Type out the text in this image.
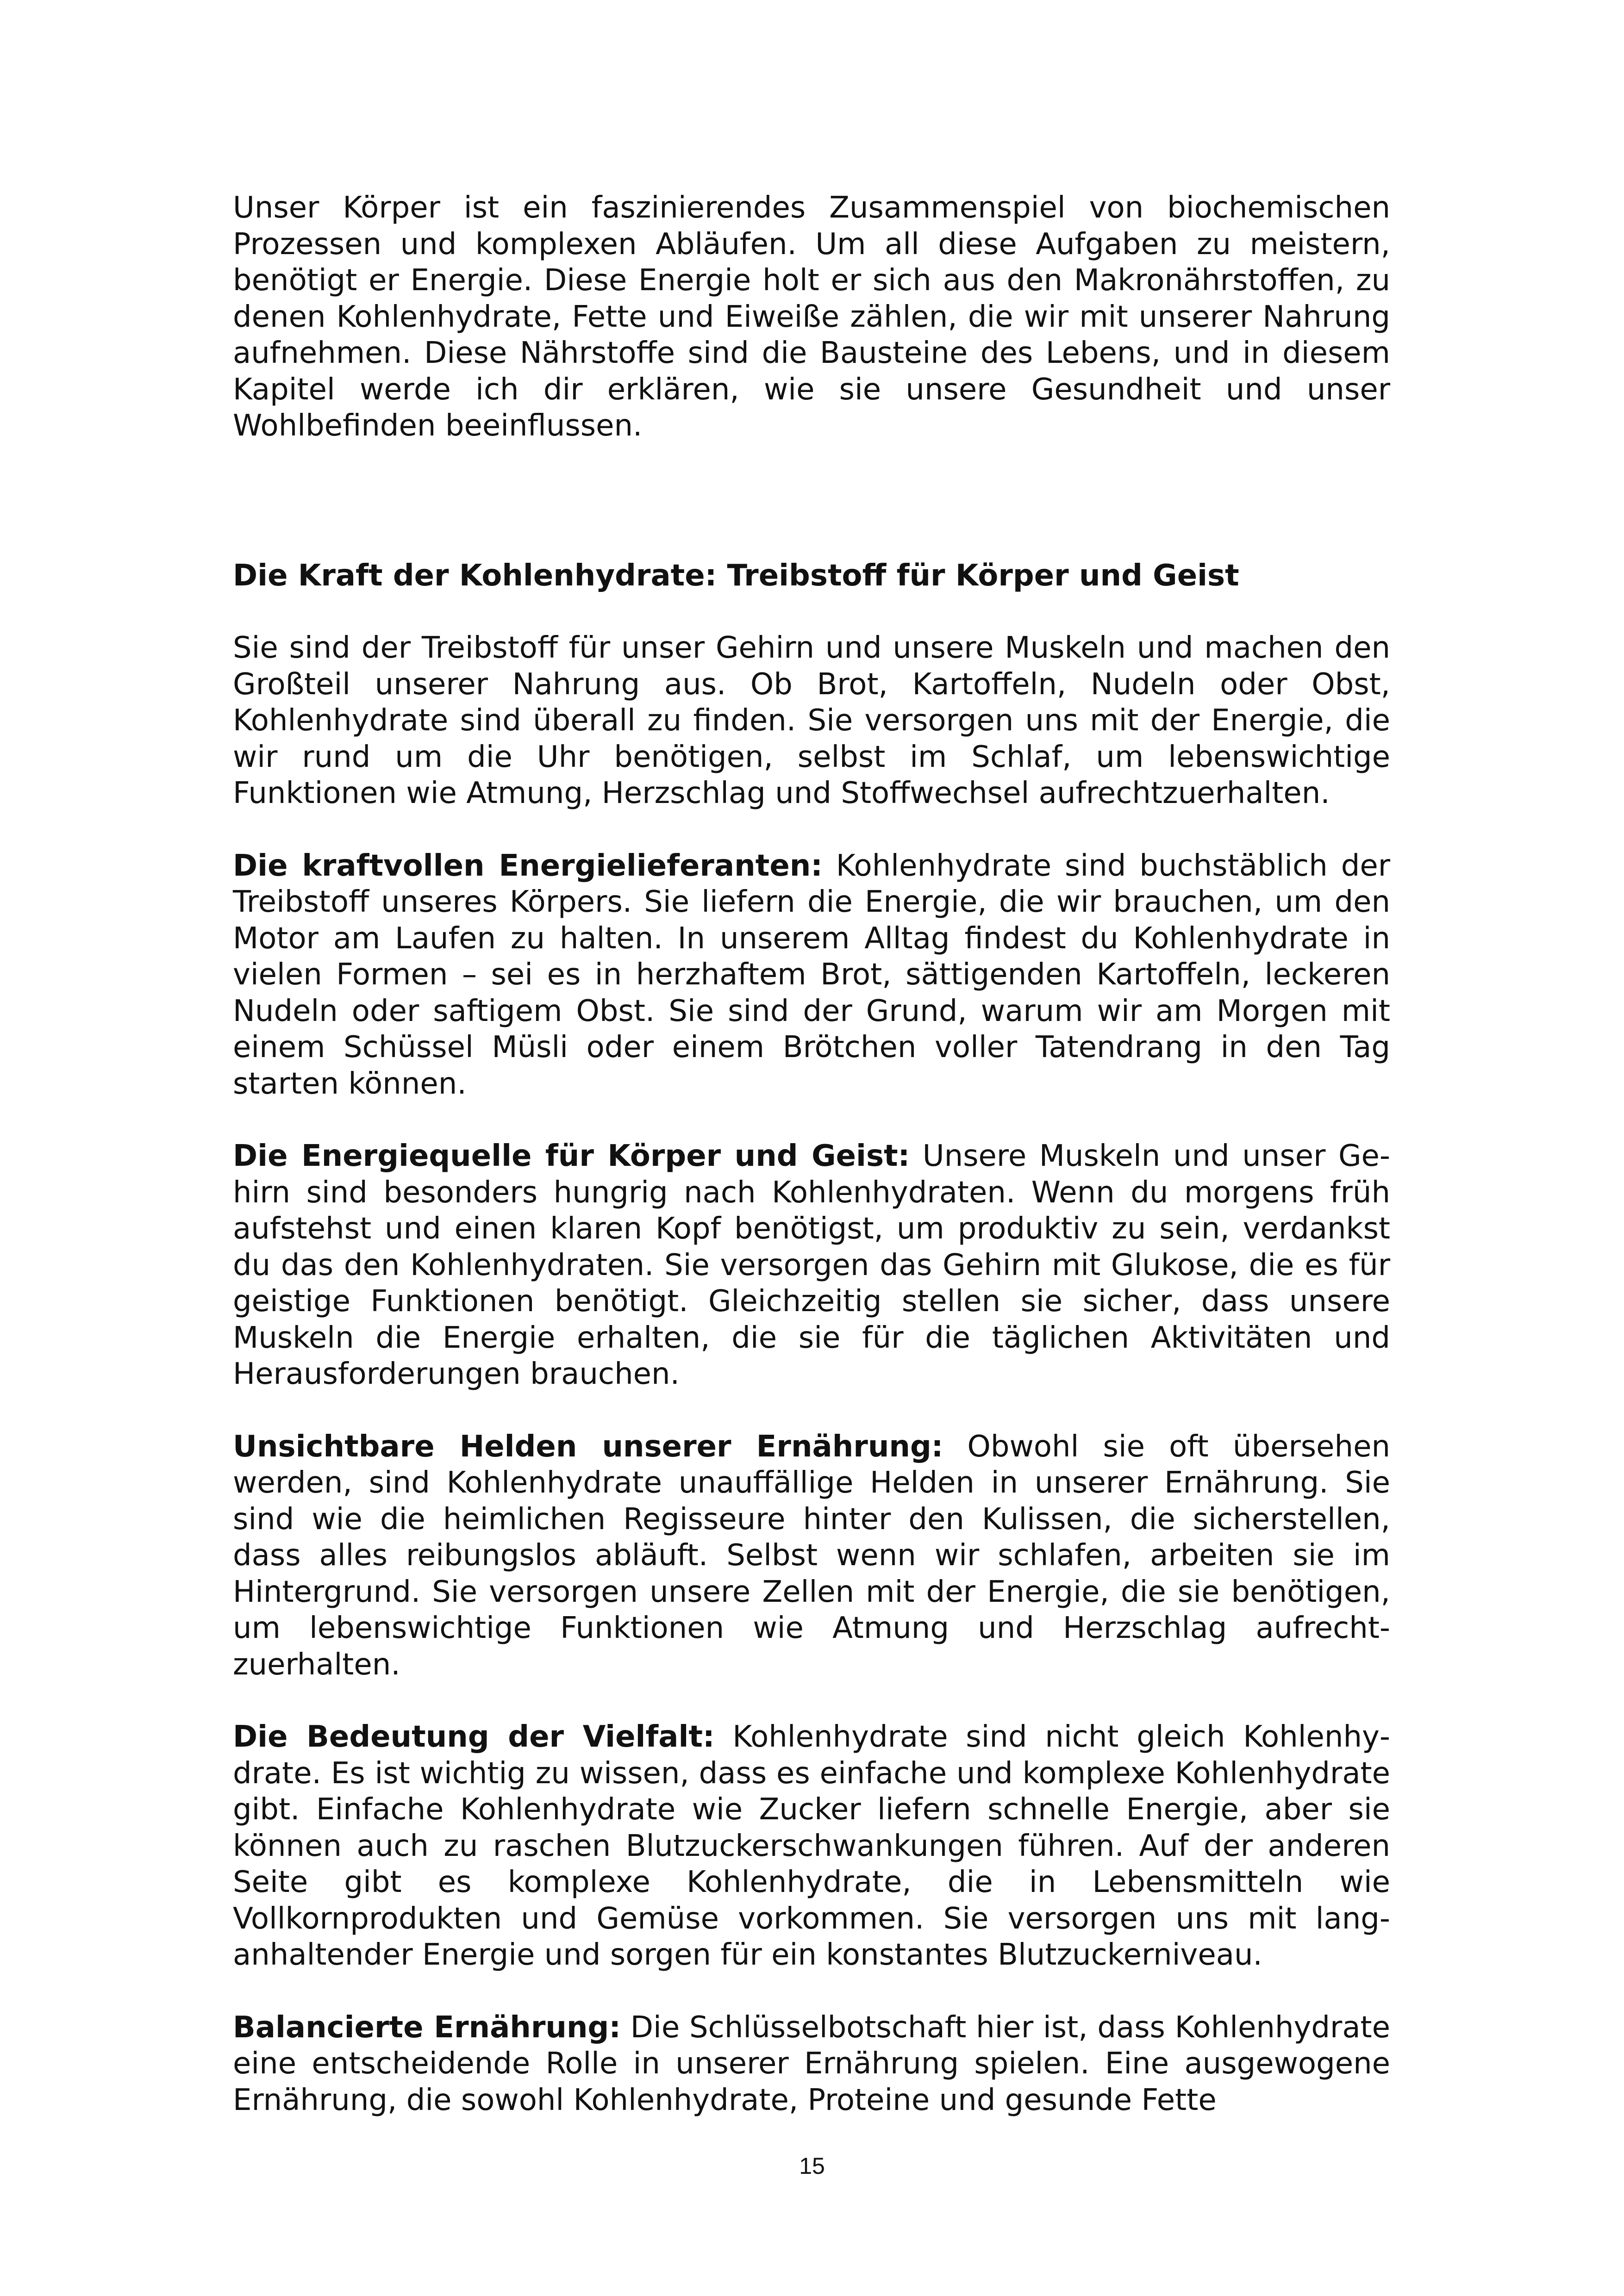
Unser Körper ist ein faszinierendes Zusammenspiel von biochemischen Prozessen und komplexen Abläufen. Um all diese Aufgaben zu meistern, benötigt er Energie. Diese Energie holt er sich aus den Makronährstoffen, zu denen Kohlenhydrate, Fette und Eiweiße zählen, die wir mit unserer Nahrung aufnehmen. Diese Nährstoffe sind die Bausteine des Lebens, und in diesem Kapitel werde ich dir erklären, wie sie unsere Gesundheit und unser Wohlbefinden beeinflussen.

Die Kraft der Kohlenhydrate: Treibstoff für Körper und Geist

Sie sind der Treibstoff für unser Gehirn und unsere Muskeln und machen den Großteil unserer Nahrung aus. Ob Brot, Kartoffeln, Nudeln oder Obst, Kohlenhydrate sind überall zu finden. Sie versorgen uns mit der Energie, die wir rund um die Uhr benötigen, selbst im Schlaf, um lebenswichtige Funktionen wie Atmung, Herzschlag und Stoffwechsel aufrechtzuerhalten.

Die kraftvollen Energielieferanten: Kohlenhydrate sind buchstäblich der Treibstoff unseres Körpers. Sie liefern die Energie, die wir brauchen, um den Motor am Laufen zu halten. In unserem Alltag findest du Kohlenhydrate in vielen Formen – sei es in herzhaftem Brot, sättigenden Kartoffeln, leckeren Nudeln oder saftigem Obst. Sie sind der Grund, warum wir am Morgen mit einem Schüssel Müsli oder einem Brötchen voller Tatendrang in den Tag starten können.

Die Energiequelle für Körper und Geist: Unsere Muskeln und unser Gehirn sind besonders hungrig nach Kohlenhydraten. Wenn du morgens früh aufstehst und einen klaren Kopf benötigst, um produktiv zu sein, verdankst du das den Kohlenhydraten. Sie versorgen das Gehirn mit Glukose, die es für geistige Funktionen benötigt. Gleichzeitig stellen sie sicher, dass unsere Muskeln die Energie erhalten, die sie für die täglichen Aktivitäten und Herausforderungen brauchen.

Unsichtbare Helden unserer Ernährung: Obwohl sie oft übersehen werden, sind Kohlenhydrate unauffällige Helden in unserer Ernährung. Sie sind wie die heimlichen Regisseure hinter den Kulissen, die sicherstellen, dass alles reibungslos abläuft. Selbst wenn wir schlafen, arbeiten sie im Hintergrund. Sie versorgen unsere Zellen mit der Energie, die sie benötigen, um lebenswichtige Funktionen wie Atmung und Herzschlag aufrechtzuerhalten.

Die Bedeutung der Vielfalt: Kohlenhydrate sind nicht gleich Kohlenhydrate. Es ist wichtig zu wissen, dass es einfache und komplexe Kohlenhydrate gibt. Einfache Kohlenhydrate wie Zucker liefern schnelle Energie, aber sie können auch zu raschen Blutzuckerschwankungen führen. Auf der anderen Seite gibt es komplexe Kohlenhydrate, die in Lebensmitteln wie Vollkornprodukten und Gemüse vorkommen. Sie versorgen uns mit langanhaltender Energie und sorgen für ein konstantes Blutzuckerniveau.

Balancierte Ernährung: Die Schlüsselbotschaft hier ist, dass Kohlenhydrate eine entscheidende Rolle in unserer Ernährung spielen. Eine ausgewogene Ernährung, die sowohl Kohlenhydrate, Proteine und gesunde Fette

15
